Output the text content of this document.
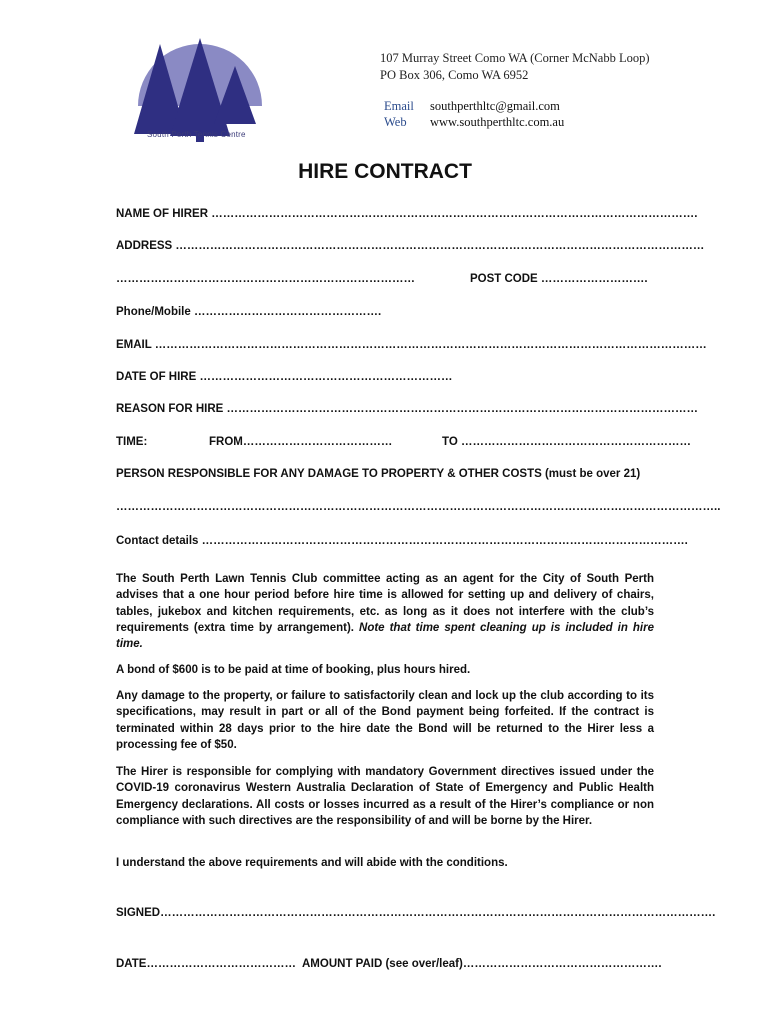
South Perth Tennis Centre
107 Murray Street Como WA (Corner McNabb Loop)
PO Box 306, Como WA 6952
Email southperthltc@gmail.com
Web www.southperthltc.com.au
HIRE CONTRACT
NAME OF HIRER ……………………………………………………………………………………………………………….
ADDRESS …………………………………………………………………………………………………………………………
……………………………………………………………………	POST CODE ……………………….
Phone/Mobile ………………………………………….
EMAIL ………………………………………………………………………………………………………………………………
DATE OF HIRE …………………………………………………………
REASON FOR HIRE ……………………………………………………………………………………………………………
TIME:	FROM…………………………………	TO ……………………………………………………
PERSON RESPONSIBLE FOR ANY DAMAGE TO PROPERTY & OTHER COSTS (must be over 21)
…………………………………………………………………………………………………………………………………………..
Contact details ……………………………………………………………………………………………………………….

The South Perth Lawn Tennis Club committee acting as an agent for the City of South Perth advises that a one hour period before hire time is allowed for setting up and delivery of chairs, tables, jukebox and kitchen requirements, etc. as long as it does not interfere with the club’s requirements (extra time by arrangement). Note that time spent cleaning up is included in hire time.

A bond of $600 is to be paid at time of booking, plus hours hired.

Any damage to the property, or failure to satisfactorily clean and lock up the club according to its specifications, may result in part or all of the Bond payment being forfeited. If the contract is terminated within 28 days prior to the hire date the Bond will be returned to the Hirer less a processing fee of $50.

The Hirer is responsible for complying with mandatory Government directives issued under the COVID-19 coronavirus Western Australia Declaration of State of Emergency and Public Health Emergency declarations. All costs or losses incurred as a result of the Hirer’s compliance or non compliance with such directives are the responsibility of and will be borne by the Hirer.

I understand the above requirements and will abide with the conditions.

SIGNED……………………………………………………………………………………………………………………………….
DATE………………………………… AMOUNT PAID (see over/leaf)…………………………………………….
